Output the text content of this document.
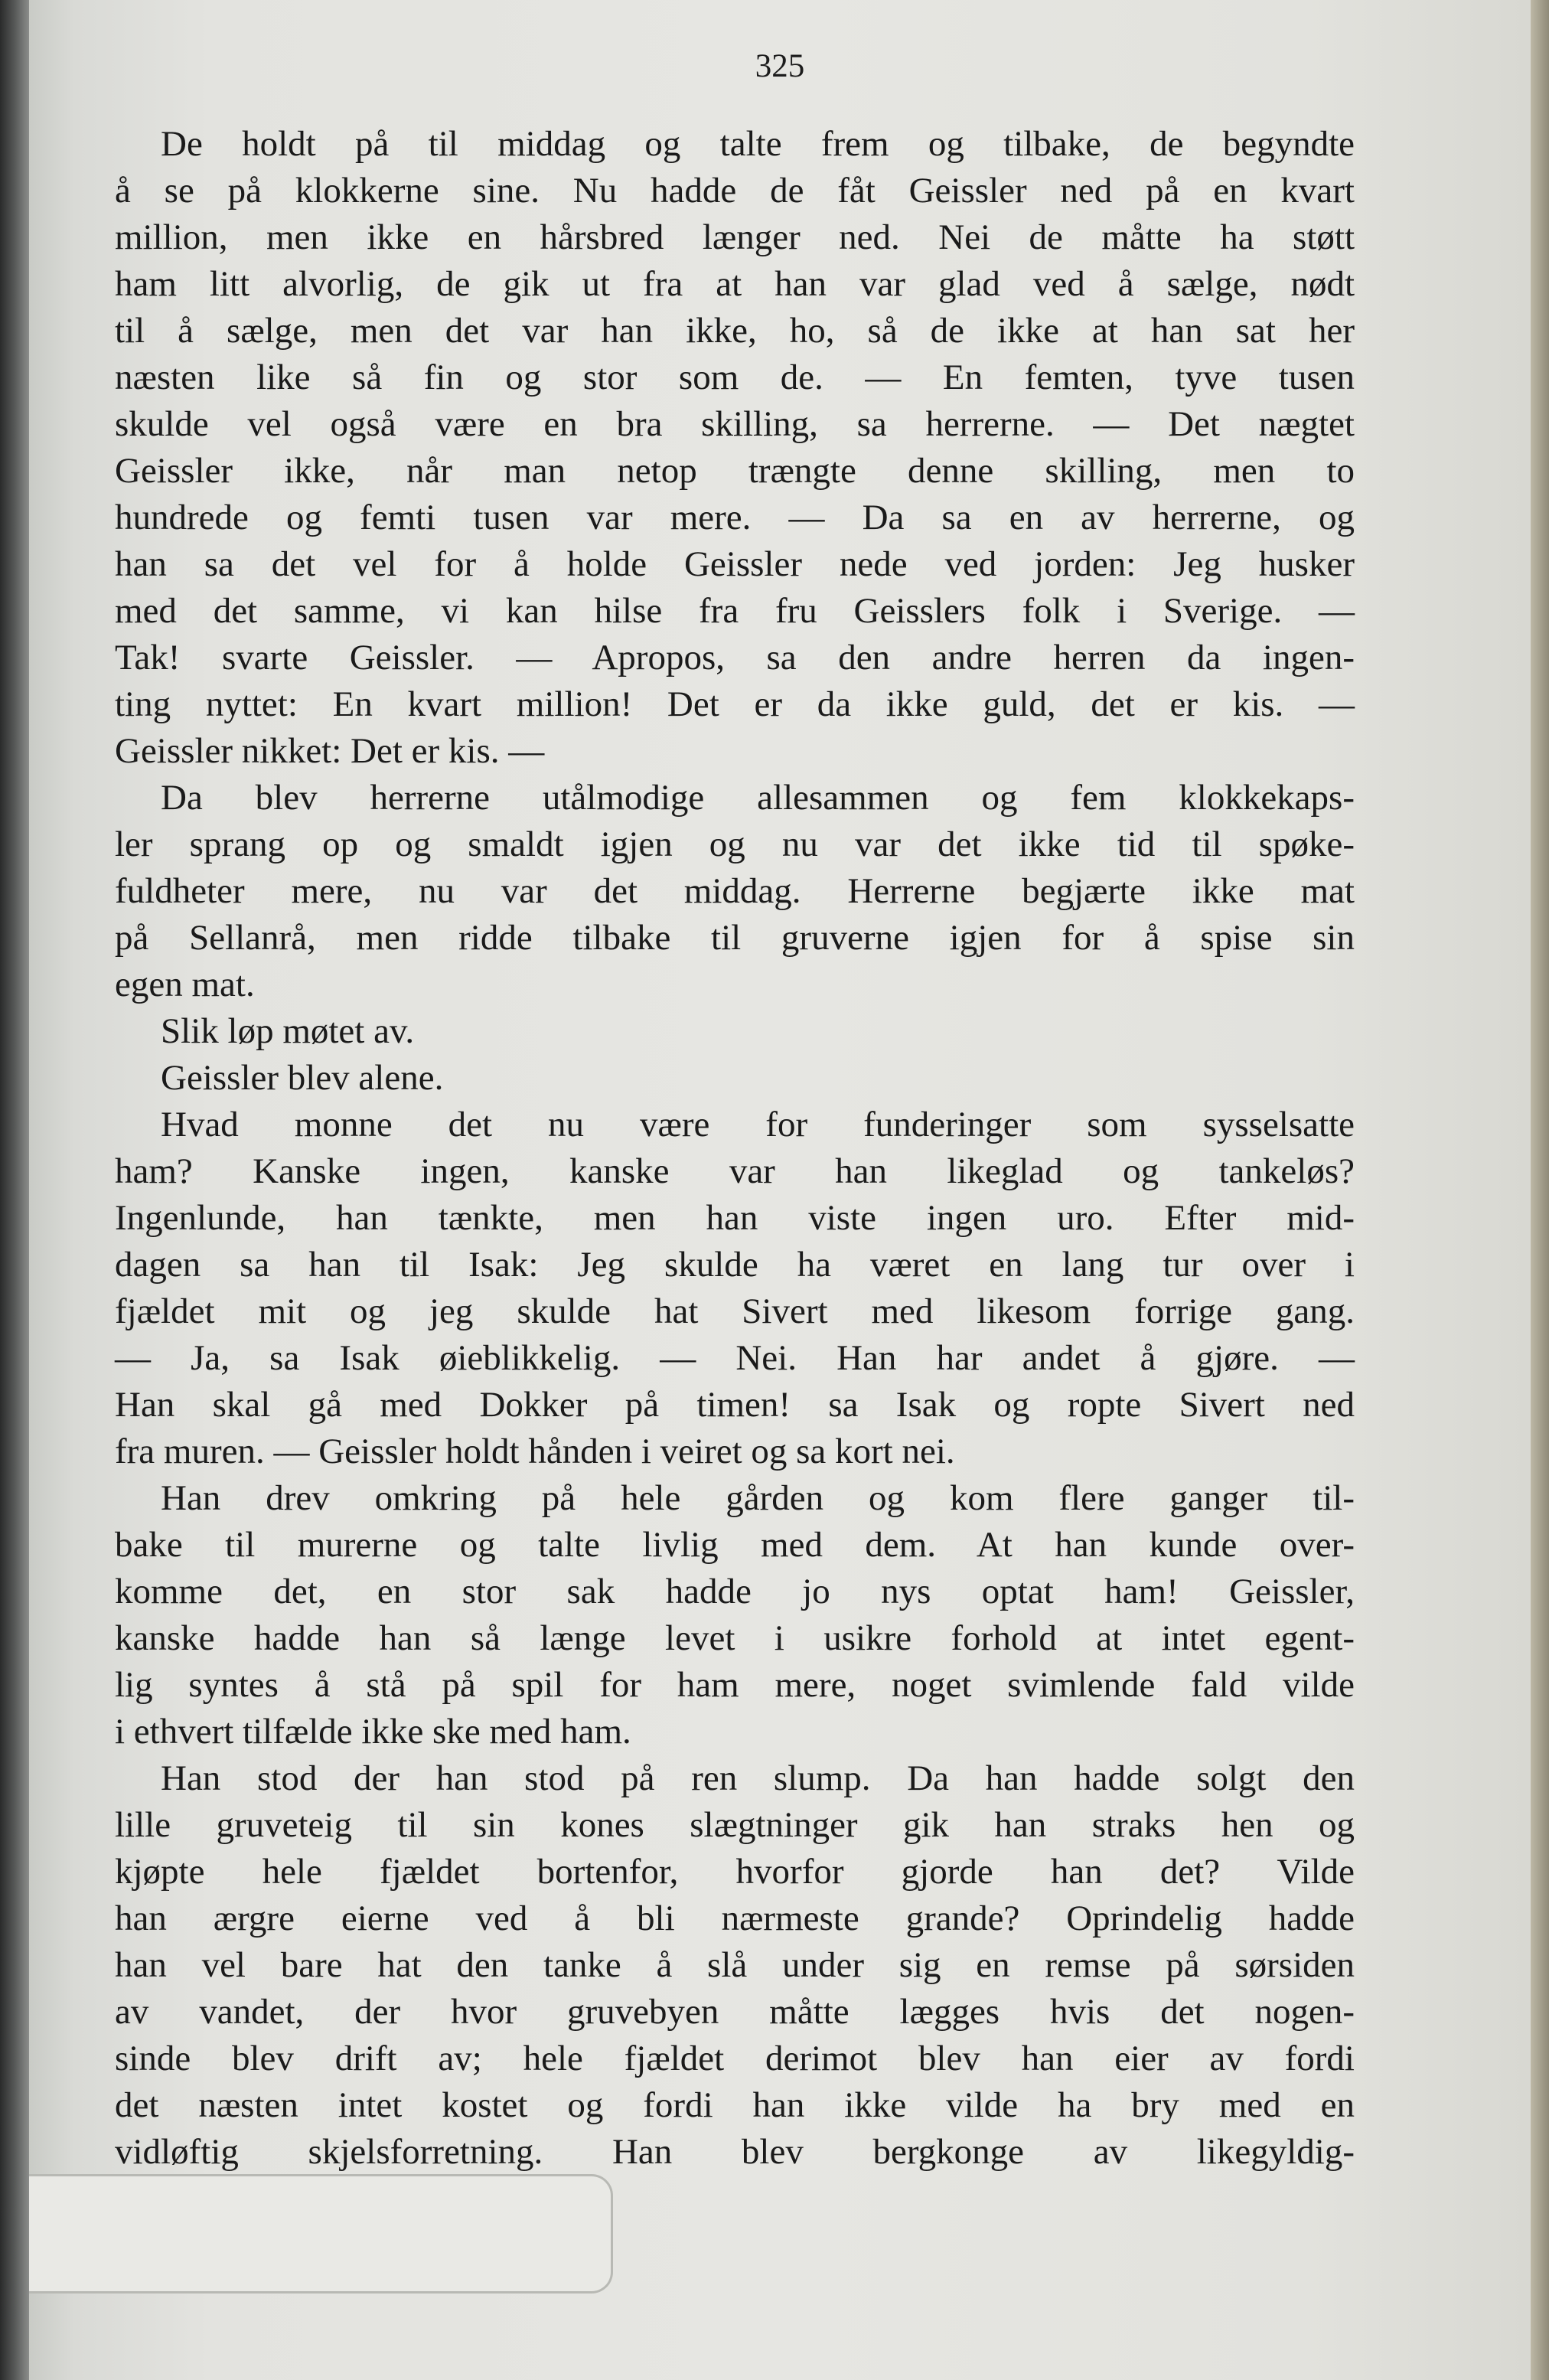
325
De holdt på til middag og talte frem og tilbake, de begyndte
å se på klokkerne sine. Nu hadde de fåt Geissler ned på en kvart
million, men ikke en hårsbred længer ned. Nei de måtte ha støtt
ham litt alvorlig, de gik ut fra at han var glad ved å sælge, nødt
til å sælge, men det var han ikke, ho, så de ikke at han sat her
næsten like så fin og stor som de. — En femten, tyve tusen
skulde vel også være en bra skilling, sa herrerne. — Det nægtet
Geissler ikke, når man netop trængte denne skilling, men to
hundrede og femti tusen var mere. — Da sa en av herrerne, og
han sa det vel for å holde Geissler nede ved jorden: Jeg husker
med det samme, vi kan hilse fra fru Geisslers folk i Sverige. —
Tak! svarte Geissler. — Apropos, sa den andre herren da ingen-
ting nyttet: En kvart million! Det er da ikke guld, det er kis. —
Geissler nikket: Det er kis. —
Da blev herrerne utålmodige allesammen og fem klokkekaps-
ler sprang op og smaldt igjen og nu var det ikke tid til spøke-
fuldheter mere, nu var det middag. Herrerne begjærte ikke mat
på Sellanrå, men ridde tilbake til gruverne igjen for å spise sin
egen mat.
Slik løp møtet av.
Geissler blev alene.
Hvad monne det nu være for funderinger som sysselsatte
ham? Kanske ingen, kanske var han likeglad og tankeløs?
Ingenlunde, han tænkte, men han viste ingen uro. Efter mid-
dagen sa han til Isak: Jeg skulde ha været en lang tur over i
fjældet mit og jeg skulde hat Sivert med likesom forrige gang.
— Ja, sa Isak øieblikkelig. — Nei. Han har andet å gjøre. —
Han skal gå med Dokker på timen! sa Isak og ropte Sivert ned
fra muren. — Geissler holdt hånden i veiret og sa kort nei.
Han drev omkring på hele gården og kom flere ganger til-
bake til murerne og talte livlig med dem. At han kunde over-
komme det, en stor sak hadde jo nys optat ham! Geissler,
kanske hadde han så længe levet i usikre forhold at intet egent-
lig syntes å stå på spil for ham mere, noget svimlende fald vilde
i ethvert tilfælde ikke ske med ham.
Han stod der han stod på ren slump. Da han hadde solgt den
lille gruveteig til sin kones slægtninger gik han straks hen og
kjøpte hele fjældet bortenfor, hvorfor gjorde han det? Vilde
han ærgre eierne ved å bli nærmeste grande? Oprindelig hadde
han vel bare hat den tanke å slå under sig en remse på sørsiden
av vandet, der hvor gruvebyen måtte lægges hvis det nogen-
sinde blev drift av; hele fjældet derimot blev han eier av fordi
det næsten intet kostet og fordi han ikke vilde ha bry med en
vidløftig skjelsforretning. Han blev bergkonge av likegyldig-
